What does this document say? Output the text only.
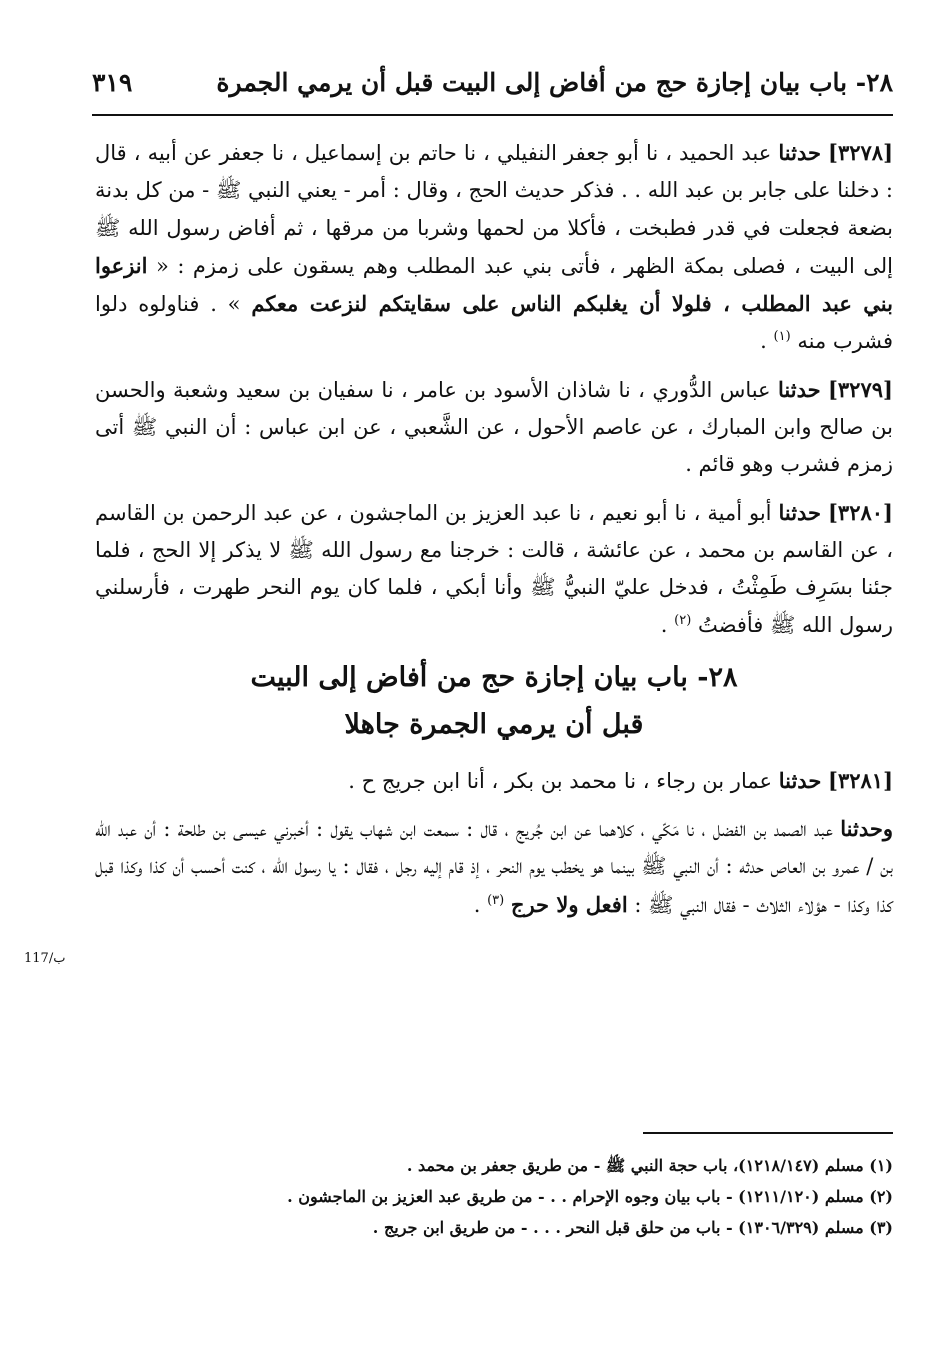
٢٨- باب بيان إجازة حج من أفاض إلى البيت قبل أن يرمي الجمرة
٣١٩

[٣٢٧٨] حدثنا عبد الحميد ، نا أبو جعفر النفيلي ، نا حاتم بن إسماعيل ، نا جعفر عن أبيه ، قال : دخلنا على جابر بن عبد الله . . فذكر حديث الحج ، وقال : أمر - يعني النبي ﷺ - من كل بدنة بضعة فجعلت في قدر فطبخت ، فأكلا من لحمها وشربا من مرقها ، ثم أفاض رسول الله ﷺ إلى البيت ، فصلى بمكة الظهر ، فأتى بني عبد المطلب وهم يسقون على زمزم : « انزعوا بني عبد المطلب ، فلولا أن يغلبكم الناس على سقايتكم لنزعت معكم » . فناولوه دلوا فشرب منه $^{(١)}$ .

[٣٢٧٩] حدثنا عباس الدُّوري ، نا شاذان الأسود بن عامر ، نا سفيان بن سعيد وشعبة والحسن بن صالح وابن المبارك ، عن عاصم الأحول ، عن الشَّعبي ، عن ابن عباس : أن النبي ﷺ أتى زمزم فشرب وهو قائم .

[٣٢٨٠] حدثنا أبو أمية ، نا أبو نعيم ، نا عبد العزيز بن الماجشون ، عن عبد الرحمن بن القاسم ، عن القاسم بن محمد ، عن عائشة ، قالت : خرجنا مع رسول الله ﷺ لا يذكر إلا الحج ، فلما جئنا بسَرِف طَمِثْتُ ، فدخل عليّ النبيُّ ﷺ وأنا أبكي ، فلما كان يوم النحر طهرت ، فأرسلني رسول الله ﷺ فأفضتُ $^{(٢)}$ .

٢٨- باب بيان إجازة حج من أفاض إلى البيت
قبل أن يرمي الجمرة جاهلا

[٣٢٨١] حدثنا عمار بن رجاء ، نا محمد بن بكر ، أنا ابن جريج ح .

وحدثنا عبد الصمد بن الفضل ، نا مَكّي ، كلاهما عن ابن جُريج ، قال : سمعت ابن شهاب يقول : أخبرني عيسى بن طلحة : أن عبد الله بن / عمرو بن العاص حدثه : أن النبي ﷺ بينما هو يخطب يوم النحر ، إذ قام إليه رجل ، فقال : يا رسول الله ، كنت أحسب أن كذا وكذا قبل كذا وكذا - هؤلاء الثلاث - فقال النبي ﷺ : افعل ولا حرج $^{(٣)}$ .

117/ب
(١) مسلم (١٢١٨/١٤٧)، باب حجة النبي ﷺ - من طريق جعفر بن محمد .
(٢) مسلم (١٢١١/١٢٠) - باب بيان وجوه الإحرام . . - من طريق عبد العزيز بن الماجشون .
(٣) مسلم (١٣٠٦/٣٢٩) - باب من حلق قبل النحر . . . - من طريق ابن جريج .
